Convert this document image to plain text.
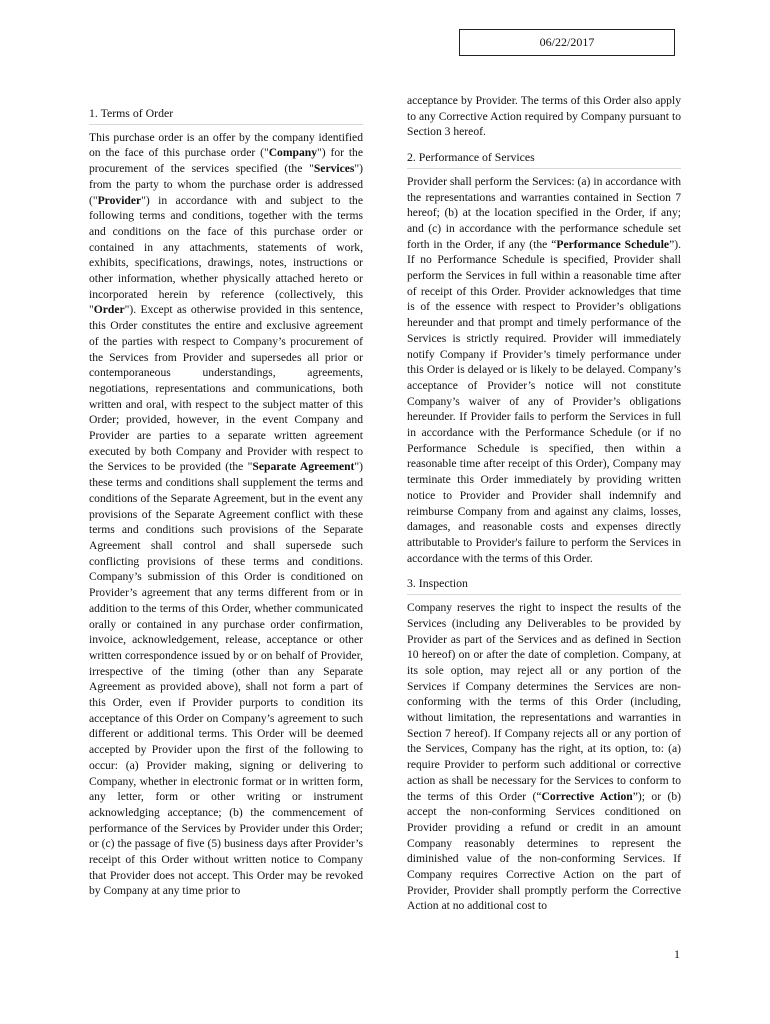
06/22/2017
1. Terms of Order

This purchase order is an offer by the company identified on the face of this purchase order ("Company") for the procurement of the services specified (the "Services") from the party to whom the purchase order is addressed ("Provider") in accordance with and subject to the following terms and conditions, together with the terms and conditions on the face of this purchase order or contained in any attachments, statements of work, exhibits, specifications, drawings, notes, instructions or other information, whether physically attached hereto or incorporated herein by reference (collectively, this "Order"). Except as otherwise provided in this sentence, this Order constitutes the entire and exclusive agreement of the parties with respect to Company’s procurement of the Services from Provider and supersedes all prior or contemporaneous understandings, agreements, negotiations, representations and communications, both written and oral, with respect to the subject matter of this Order; provided, however, in the event Company and Provider are parties to a separate written agreement executed by both Company and Provider with respect to the Services to be provided (the "Separate Agreement") these terms and conditions shall supplement the terms and conditions of the Separate Agreement, but in the event any provisions of the Separate Agreement conflict with these terms and conditions such provisions of the Separate Agreement shall control and shall supersede such conflicting provisions of these terms and conditions. Company’s submission of this Order is conditioned on Provider’s agreement that any terms different from or in addition to the terms of this Order, whether communicated orally or contained in any purchase order confirmation, invoice, acknowledgement, release, acceptance or other written correspondence issued by or on behalf of Provider, irrespective of the timing (other than any Separate Agreement as provided above), shall not form a part of this Order, even if Provider purports to condition its acceptance of this Order on Company’s agreement to such different or additional terms. This Order will be deemed accepted by Provider upon the first of the following to occur: (a) Provider making, signing or delivering to Company, whether in electronic format or in written form, any letter, form or other writing or instrument acknowledging acceptance; (b) the commencement of performance of the Services by Provider under this Order; or (c) the passage of five (5) business days after Provider’s receipt of this Order without written notice to Company that Provider does not accept. This Order may be revoked by Company at any time prior to

acceptance by Provider. The terms of this Order also apply to any Corrective Action required by Company pursuant to Section 3 hereof.

2. Performance of Services

Provider shall perform the Services: (a) in accordance with the representations and warranties contained in Section 7 hereof; (b) at the location specified in the Order, if any; and (c) in accordance with the performance schedule set forth in the Order, if any (the “Performance Schedule”). If no Performance Schedule is specified, Provider shall perform the Services in full within a reasonable time after of receipt of this Order. Provider acknowledges that time is of the essence with respect to Provider’s obligations hereunder and that prompt and timely performance of the Services is strictly required. Provider will immediately notify Company if Provider’s timely performance under this Order is delayed or is likely to be delayed. Company’s acceptance of Provider’s notice will not constitute Company’s waiver of any of Provider’s obligations hereunder. If Provider fails to perform the Services in full in accordance with the Performance Schedule (or if no Performance Schedule is specified, then within a reasonable time after receipt of this Order), Company may terminate this Order immediately by providing written notice to Provider and Provider shall indemnify and reimburse Company from and against any claims, losses, damages, and reasonable costs and expenses directly attributable to Provider's failure to perform the Services in accordance with the terms of this Order.

3. Inspection

Company reserves the right to inspect the results of the Services (including any Deliverables to be provided by Provider as part of the Services and as defined in Section 10 hereof) on or after the date of completion. Company, at its sole option, may reject all or any portion of the Services if Company determines the Services are non-conforming with the terms of this Order (including, without limitation, the representations and warranties in Section 7 hereof). If Company rejects all or any portion of the Services, Company has the right, at its option, to: (a) require Provider to perform such additional or corrective action as shall be necessary for the Services to conform to the terms of this Order (“Corrective Action”); or (b) accept the non-conforming Services conditioned on Provider providing a refund or credit in an amount Company reasonably determines to represent the diminished value of the non-conforming Services. If Company requires Corrective Action on the part of Provider, Provider shall promptly perform the Corrective Action at no additional cost to

1
